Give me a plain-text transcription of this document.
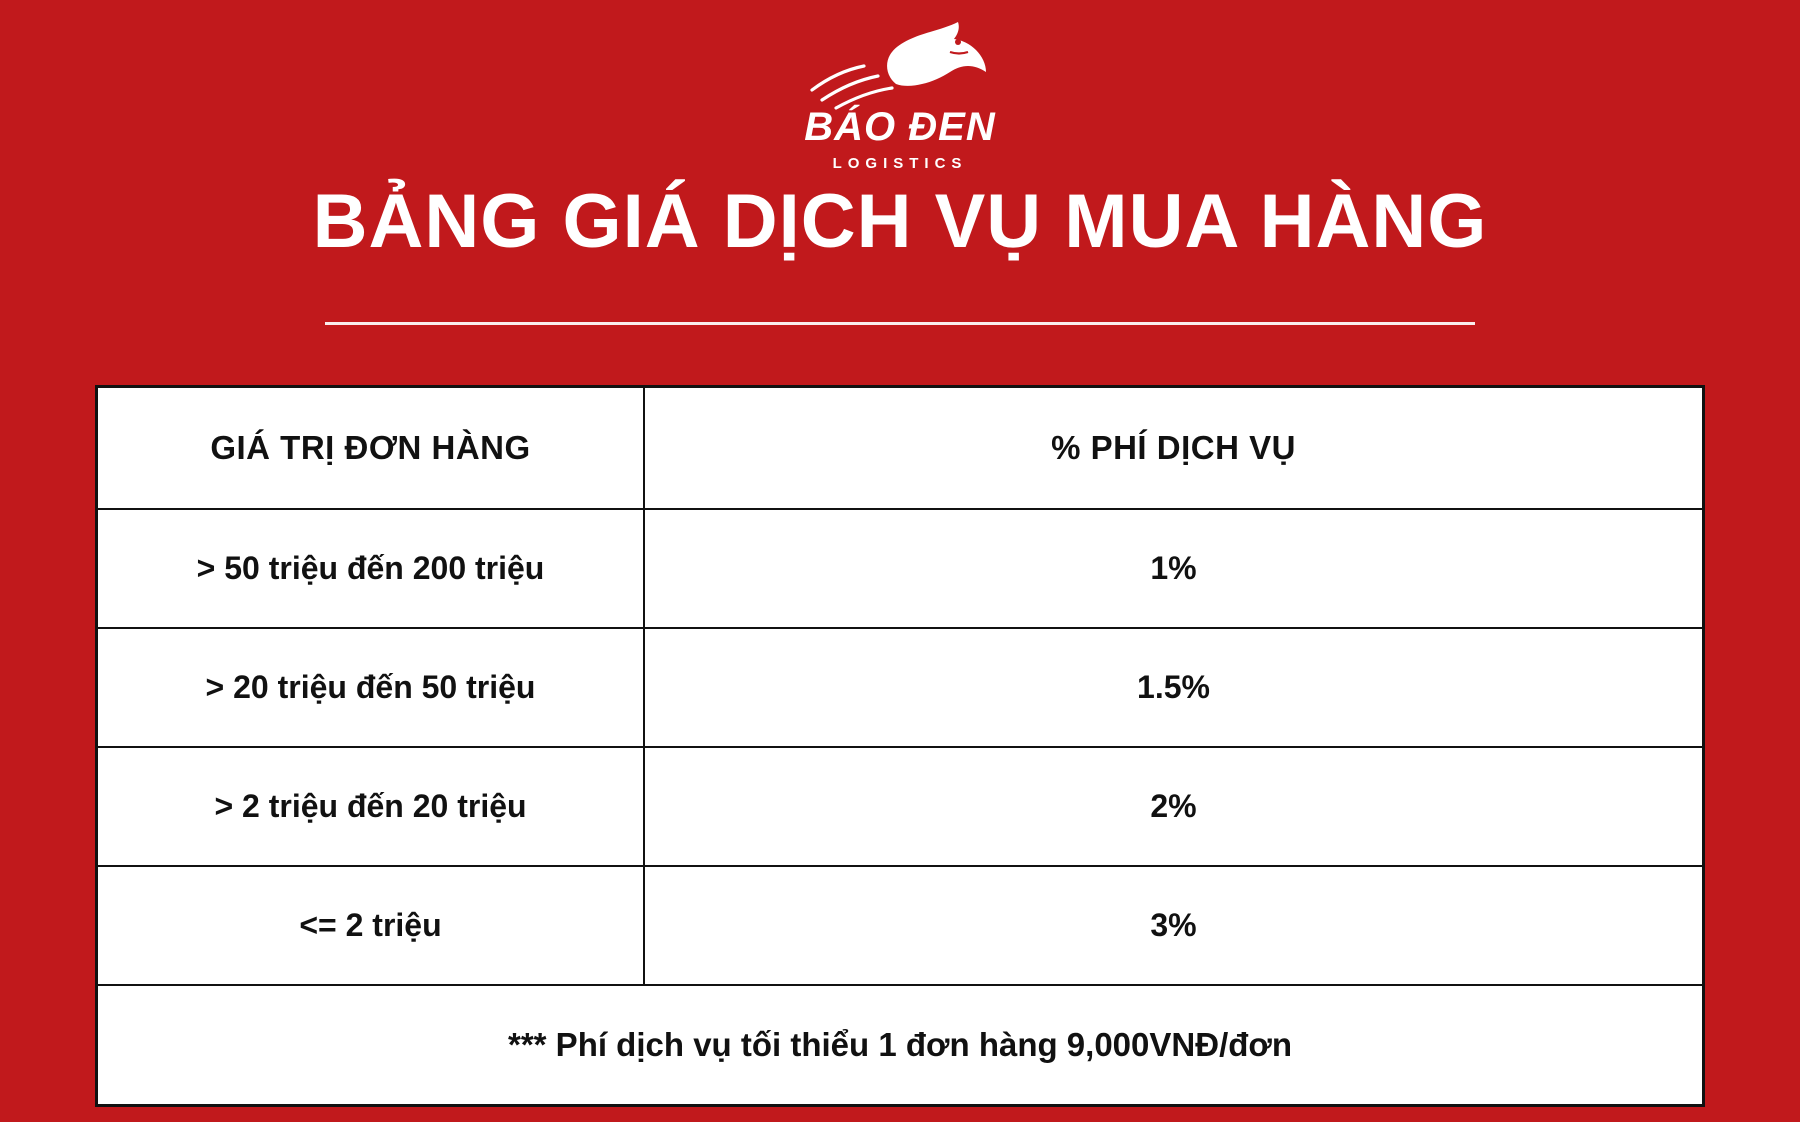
BÁO ĐEN
LOGISTICS
BẢNG GIÁ DỊCH VỤ MUA HÀNG
GIÁ TRỊ ĐƠN HÀNG	% PHÍ DỊCH VỤ
> 50 triệu đến 200 triệu	1%
> 20 triệu đến 50 triệu	1.5%
> 2 triệu đến 20 triệu	2%
<= 2 triệu	3%
*** Phí dịch vụ tối thiểu 1 đơn hàng 9,000VNĐ/đơn	
